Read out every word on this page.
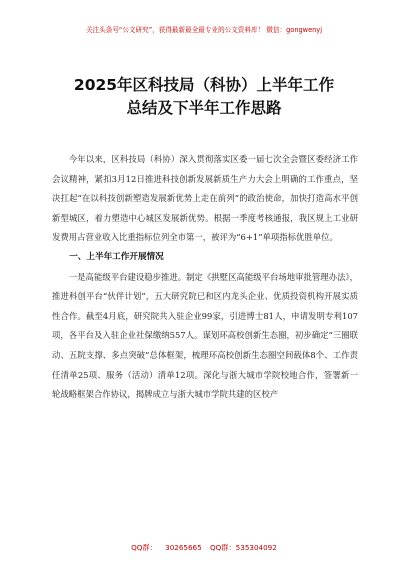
关注头条号“公文研究”，获得最新最全最专业的公文资料库！ 微信：gongwenyj
2025年区科技局（科协）上半年工作
总结及下半年工作思路

今年以来，区科技局（科协）深入贯彻落实区委一届七次全会暨区委经济工作会议精神，紧扣3月12日推进科技创新发展新质生产力大会上明确的工作重点，坚决扛起“在以科技创新塑造发展新优势上走在前列”的政治使命，加快打造高水平创新型城区，着力塑造中心城区发展新优势。根据一季度考核通报，我区规上工业研发费用占营业收入比重指标位列全市第一，被评为“6+1”单项指标优胜单位。

一、上半年工作开展情况

一是高能级平台建设稳步推进。制定《拱墅区高能级平台场地审批管理办法》，推进科创平台“伙伴计划”，五大研究院已和区内龙头企业、优质投资机构开展实质性合作。截至4月底，研究院共入驻企业99家，引进博士81人，申请发明专利107项，各平台及入驻企业社保缴纳557人。谋划环高校创新生态圈，初步确定“三圈联动、五院支撑、多点突破”总体框架，梳理环高校创新生态圈空间载体8个、工作责任清单25项、服务（活动）清单12项。深化与浙大城市学院校地合作，签署新一轮战略框架合作协议，揭牌成立与浙大城市学院共建的区校产

QQ群： 30265665 QQ群：535304092
